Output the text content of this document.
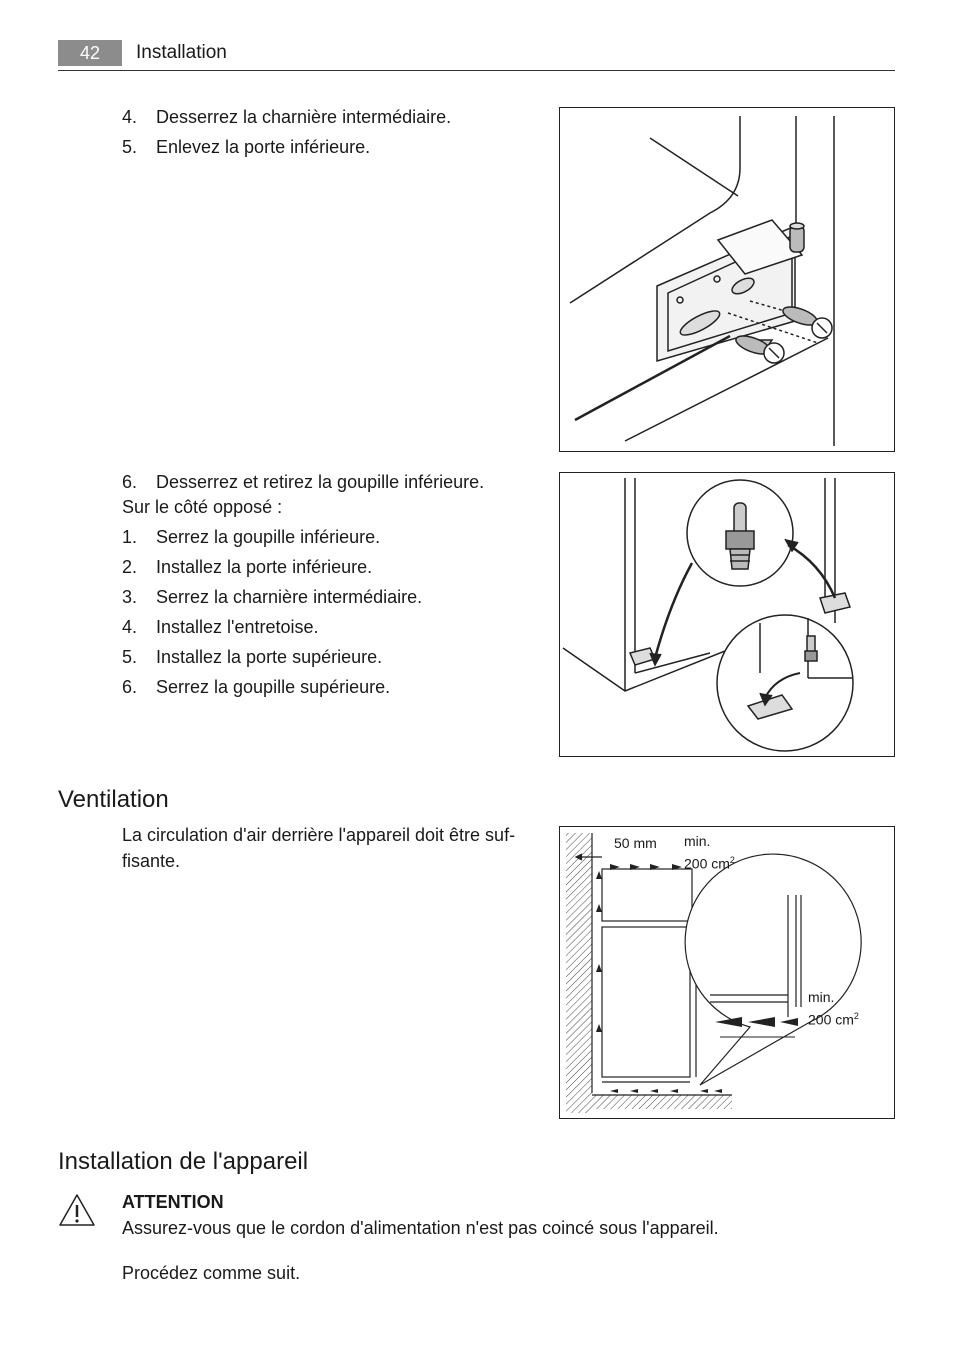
42	Installation
4. Desserrez la charnière intermédiaire.
5. Enlevez la porte inférieure.
6. Desserrez et retirez la goupille inférieure.
Sur le côté opposé :
1. Serrez la goupille inférieure.
2. Installez la porte inférieure.
3. Serrez la charnière intermédiaire.
4. Installez l'entretoise.
5. Installez la porte supérieure.
6. Serrez la goupille supérieure.
Ventilation
La circulation d'air derrière l'appareil doit être suf-
fisante.
50 mm min.
200 $cm^2$
min.
200 $cm^2$
Installation de l'appareil
ATTENTION
Assurez-vous que le cordon d'alimentation n'est pas coincé sous l'appareil.
Procédez comme suit.
